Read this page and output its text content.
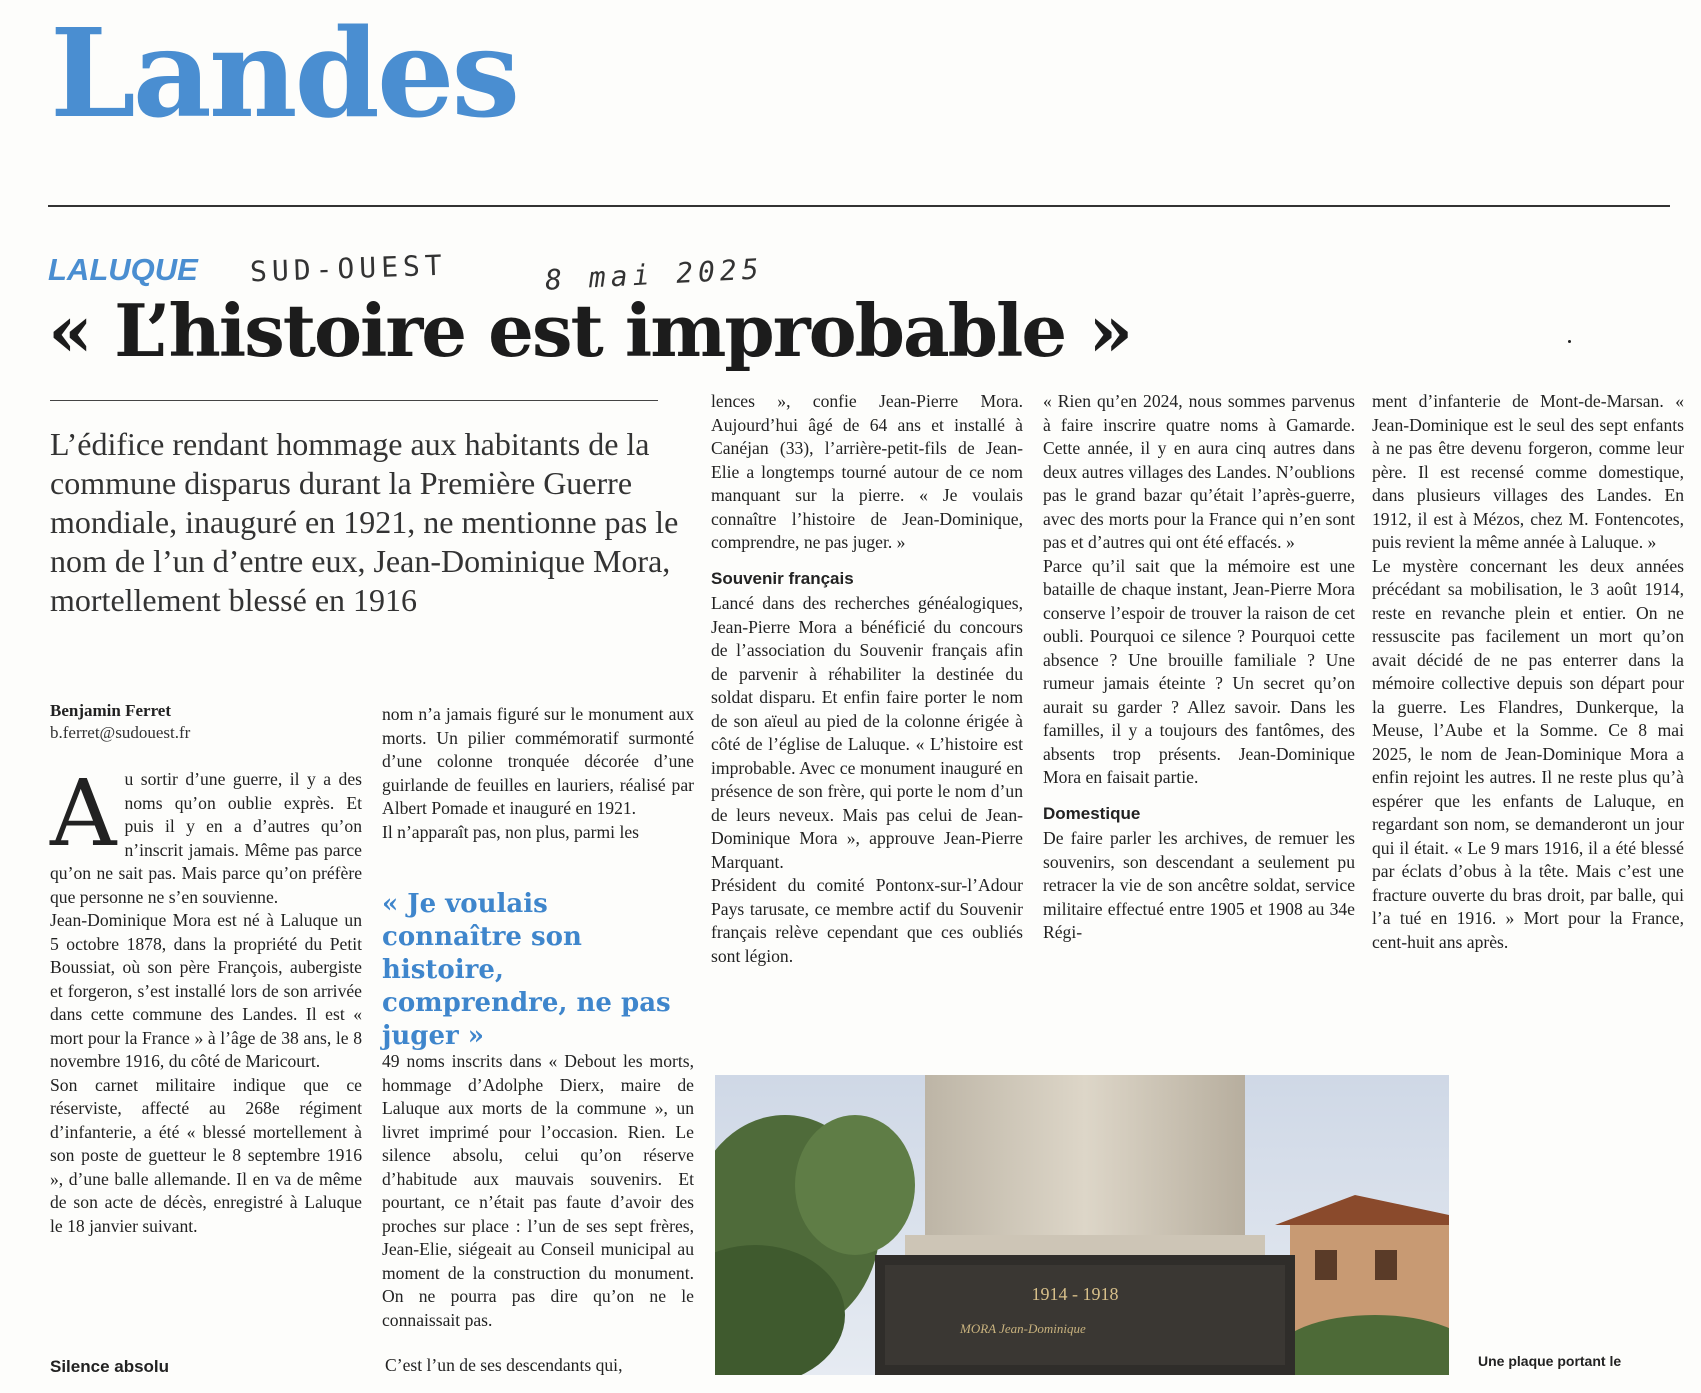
Landes
LALUQUE SUD-OUEST	8 mai 2025
« L’histoire est improbable »

L’édifice rendant hommage aux habitants de la commune disparus durant la Première Guerre mondiale, inauguré en 1921, ne mentionne pas le nom de l’un d’entre eux, Jean-Dominique Mora, mortellement blessé en 1916

Benjamin Ferret
b.ferret@sudouest.fr

Au sortir d’une guerre, il y a des noms qu’on oublie exprès. Et puis il y en a d’autres qu’on n’inscrit jamais. Même pas parce qu’on ne sait pas. Mais parce qu’on préfère que personne ne s’en souvienne.

Jean-Dominique Mora est né à Laluque un 5 octobre 1878, dans la propriété du Petit Boussiat, où son père François, aubergiste et forgeron, s’est installé lors de son arrivée dans cette commune des Landes. Il est « mort pour la France » à l’âge de 38 ans, le 8 novembre 1916, du côté de Maricourt.

Son carnet militaire indique que ce réserviste, affecté au 268e régiment d’infanterie, a été « blessé mortellement à son poste de guetteur le 8 septembre 1916 », d’une balle allemande. Il en va de même de son acte de décès, enregistré à Laluque le 18 janvier suivant.

Silence absolu

nom n’a jamais figuré sur le monument aux morts. Un pilier commémoratif surmonté d’une colonne tronquée décorée d’une guirlande de feuilles en lauriers, réalisé par Albert Pomade et inauguré en 1921.

Il n’apparaît pas, non plus, parmi les

« Je voulais connaître son histoire, comprendre, ne pas juger »

49 noms inscrits dans « Debout les morts, hommage d’Adolphe Dierx, maire de Laluque aux morts de la commune », un livret imprimé pour l’occasion. Rien. Le silence absolu, celui qu’on réserve d’habitude aux mauvais souvenirs. Et pourtant, ce n’était pas faute d’avoir des proches sur place : l’un de ses sept frères, Jean-Elie, siégeait au Conseil municipal au moment de la construction du monument. On ne pourra pas dire qu’on ne le connaissait pas.

C’est l’un de ses descendants qui,

lences », confie Jean-Pierre Mora. Aujourd’hui âgé de 64 ans et installé à Canéjan (33), l’arrière-petit-fils de Jean-Elie a longtemps tourné autour de ce nom manquant sur la pierre. « Je voulais connaître l’histoire de Jean-Dominique, comprendre, ne pas juger. »

Souvenir français

Lancé dans des recherches généalogiques, Jean-Pierre Mora a bénéficié du concours de l’association du Souvenir français afin de parvenir à réhabiliter la destinée du soldat disparu. Et enfin faire porter le nom de son aïeul au pied de la colonne érigée à côté de l’église de Laluque. « L’histoire est improbable. Avec ce monument inauguré en présence de son frère, qui porte le nom d’un de leurs neveux. Mais pas celui de Jean-Dominique Mora », approuve Jean-Pierre Marquant.

Président du comité Pontonx-sur-l’Adour Pays tarusate, ce membre actif du Souvenir français relève cependant que ces oubliés sont légion.

« Rien qu’en 2024, nous sommes parvenus à faire inscrire quatre noms à Gamarde. Cette année, il y en aura cinq autres dans deux autres villages des Landes. N’oublions pas le grand bazar qu’était l’après-guerre, avec des morts pour la France qui n’en sont pas et d’autres qui ont été effacés. »

Parce qu’il sait que la mémoire est une bataille de chaque instant, Jean-Pierre Mora conserve l’espoir de trouver la raison de cet oubli. Pourquoi ce silence ? Pourquoi cette absence ? Une brouille familiale ? Une rumeur jamais éteinte ? Un secret qu’on aurait su garder ? Allez savoir. Dans les familles, il y a toujours des fantômes, des absents trop présents. Jean-Dominique Mora en faisait partie.

Domestique

De faire parler les archives, de remuer les souvenirs, son descendant a seulement pu retracer la vie de son ancêtre soldat, service militaire effectué entre 1905 et 1908 au 34e Régi-

ment d’infanterie de Mont-de-Marsan. « Jean-Dominique est le seul des sept enfants à ne pas être devenu forgeron, comme leur père. Il est recensé comme domestique, dans plusieurs villages des Landes. En 1912, il est à Mézos, chez M. Fontencotes, puis revient la même année à Laluque. »

Le mystère concernant les deux années précédant sa mobilisation, le 3 août 1914, reste en revanche plein et entier. On ne ressuscite pas facilement un mort qu’on avait décidé de ne pas enterrer dans la mémoire collective depuis son départ pour la guerre. Les Flandres, Dunkerque, la Meuse, l’Aube et la Somme. Ce 8 mai 2025, le nom de Jean-Dominique Mora a enfin rejoint les autres. Il ne reste plus qu’à espérer que les enfants de Laluque, en regardant son nom, se demanderont un jour qui il était. « Le 9 mars 1916, il a été blessé par éclats d’obus à la tête. Mais c’est une fracture ouverte du bras droit, par balle, qui l’a tué en 1916. » Mort pour la France, cent-huit ans après.

1914 - 1918
MORA Jean-Dominique
Une plaque portant le
